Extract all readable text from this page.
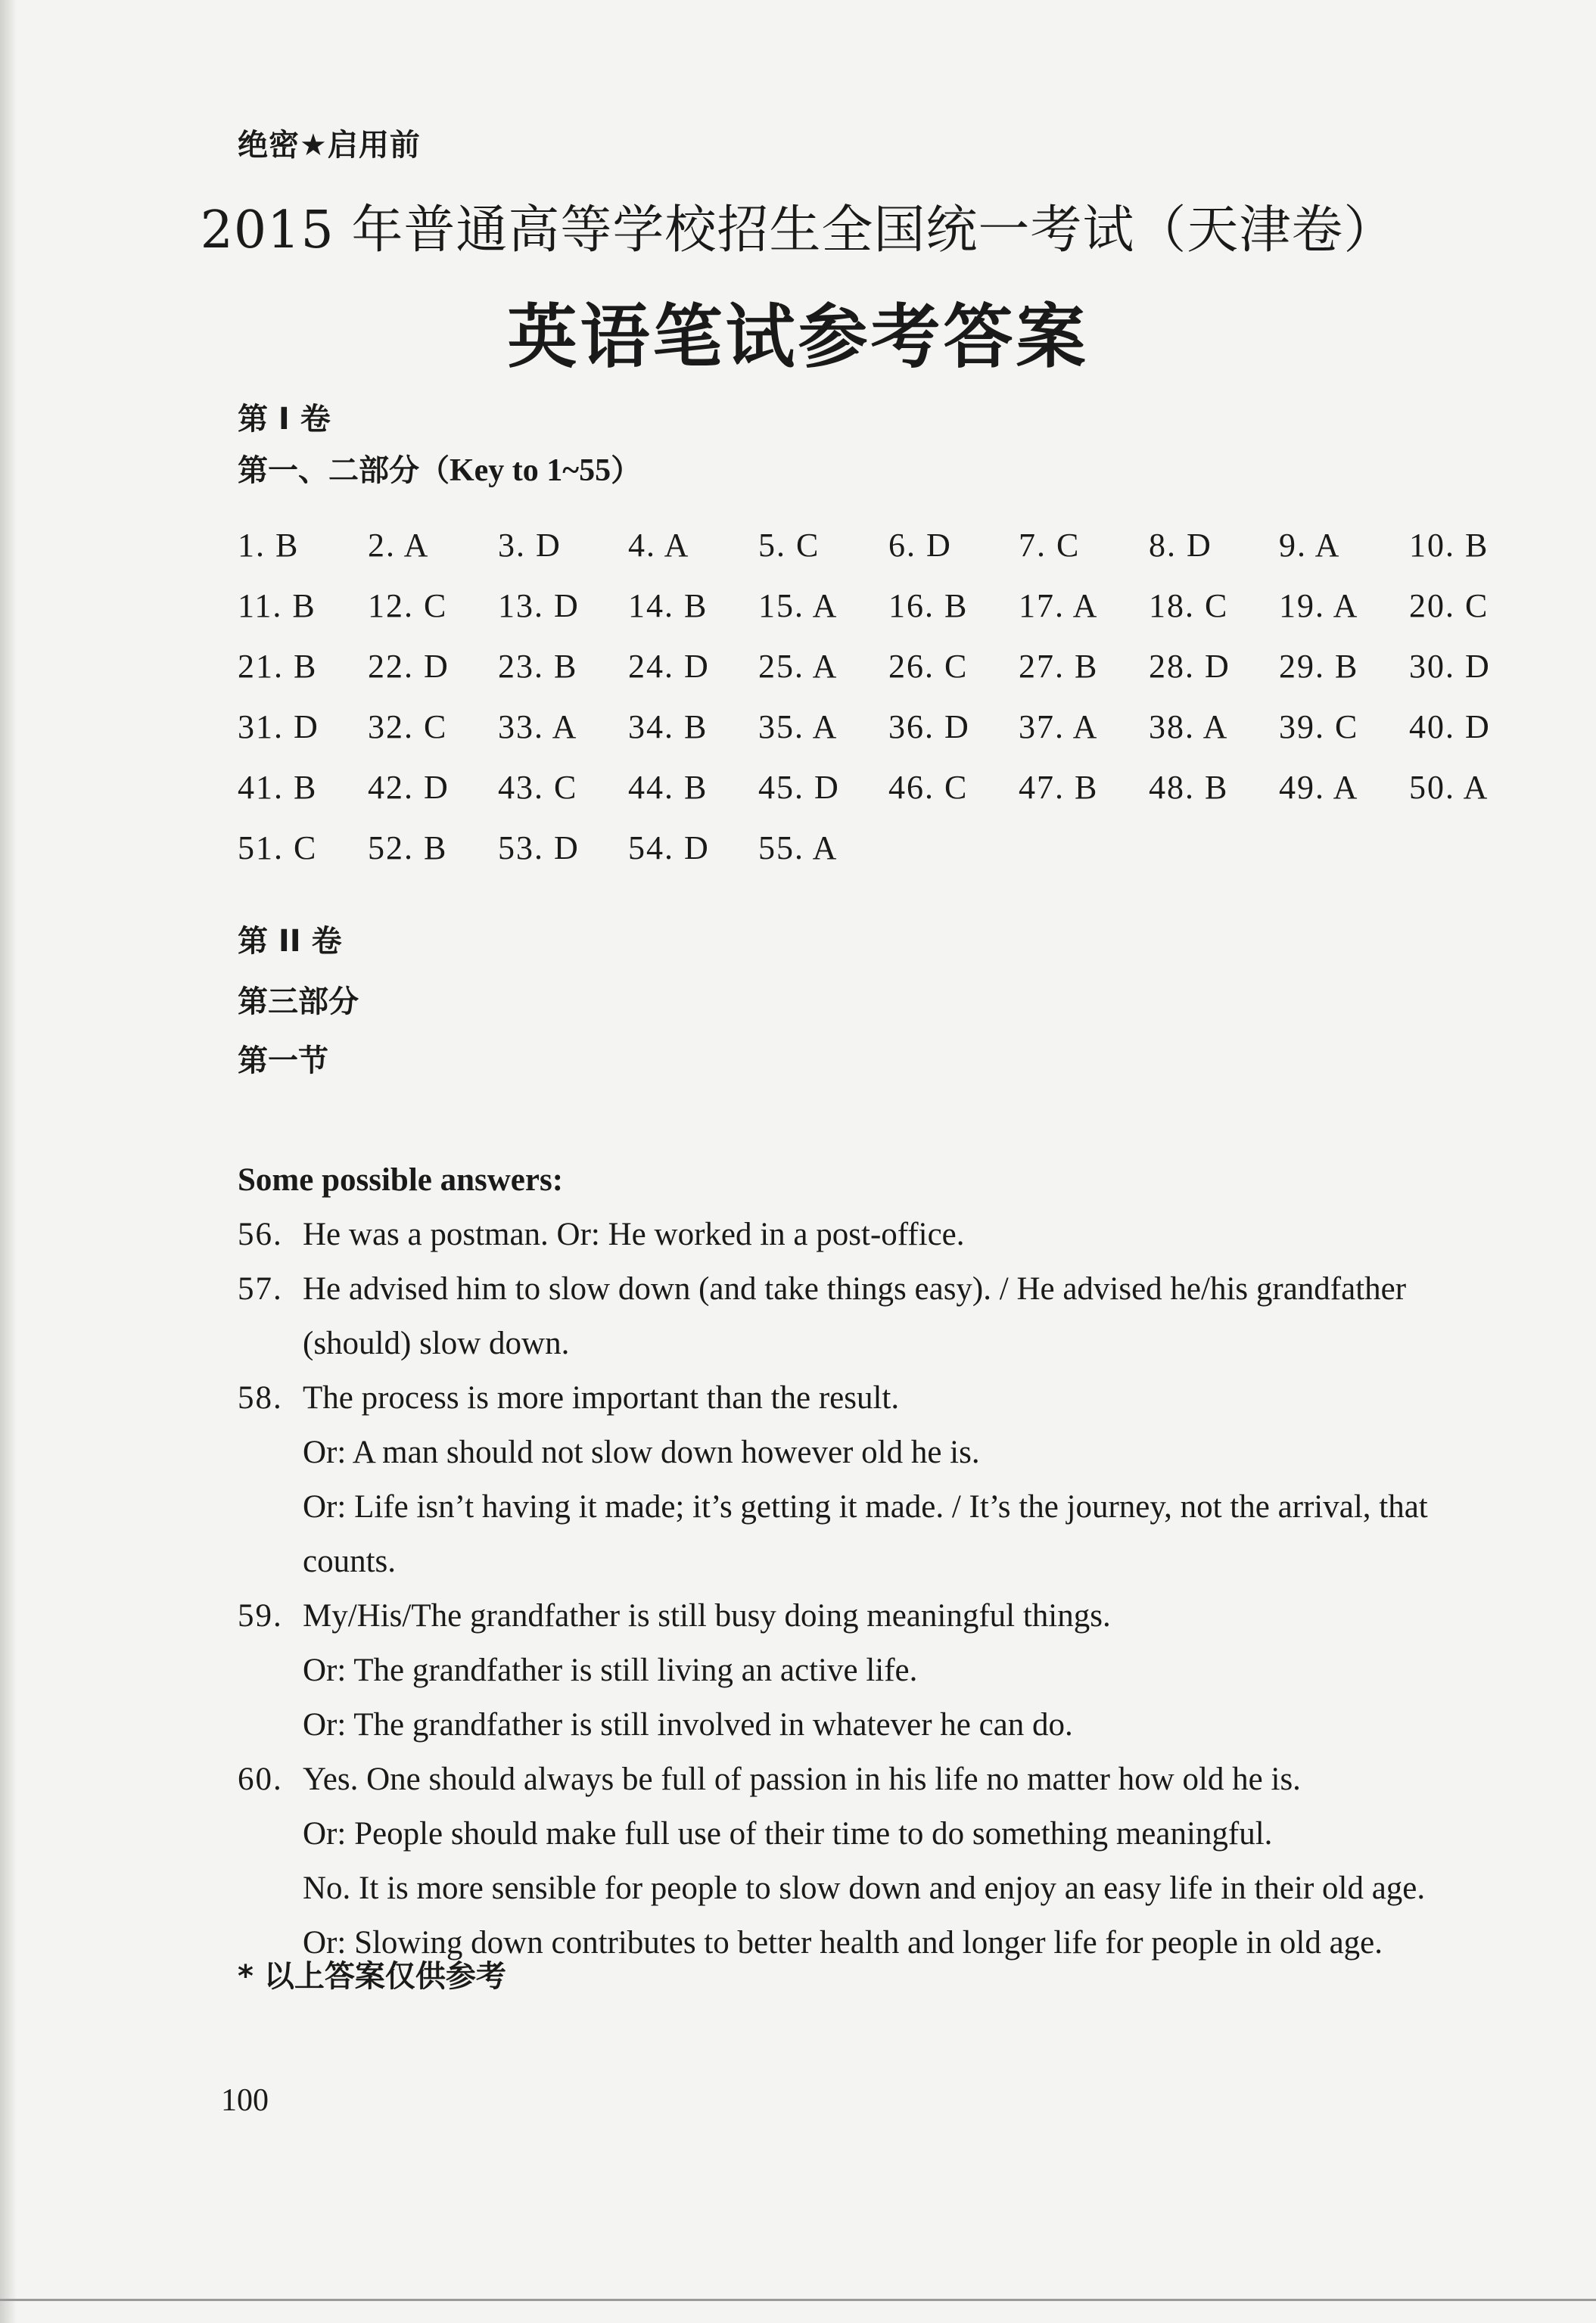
绝密★启用前
2015 年普通高等学校招生全国统一考试（天津卷）
英语笔试参考答案
第 I 卷
第一、二部分（Key to 1~55）
1. B	2. A	3. D	4. A	5. C	6. D	7. C	8. D	9. A	10. B
11. B	12. C	13. D	14. B	15. A	16. B	17. A	18. C	19. A	20. C
21. B	22. D	23. B	24. D	25. A	26. C	27. B	28. D	29. B	30. D
31. D	32. C	33. A	34. B	35. A	36. D	37. A	38. A	39. C	40. D
41. B	42. D	43. C	44. B	45. D	46. C	47. B	48. B	49. A	50. A
51. C	52. B	53. D	54. D	55. A
第 II 卷
第三部分
第一节
Some possible answers:
56. He was a postman. Or: He worked in a post-office.
57. He advised him to slow down (and take things easy). / He advised he/his grandfather
(should) slow down.
58. The process is more important than the result.
Or: A man should not slow down however old he is.
Or: Life isn’t having it made; it’s getting it made. / It’s the journey, not the arrival, that
counts.
59. My/His/The grandfather is still busy doing meaningful things.
Or: The grandfather is still living an active life.
Or: The grandfather is still involved in whatever he can do.
60. Yes. One should always be full of passion in his life no matter how old he is.
Or: People should make full use of their time to do something meaningful.
No. It is more sensible for people to slow down and enjoy an easy life in their old age.
Or: Slowing down contributes to better health and longer life for people in old age.
* 以上答案仅供参考
100
